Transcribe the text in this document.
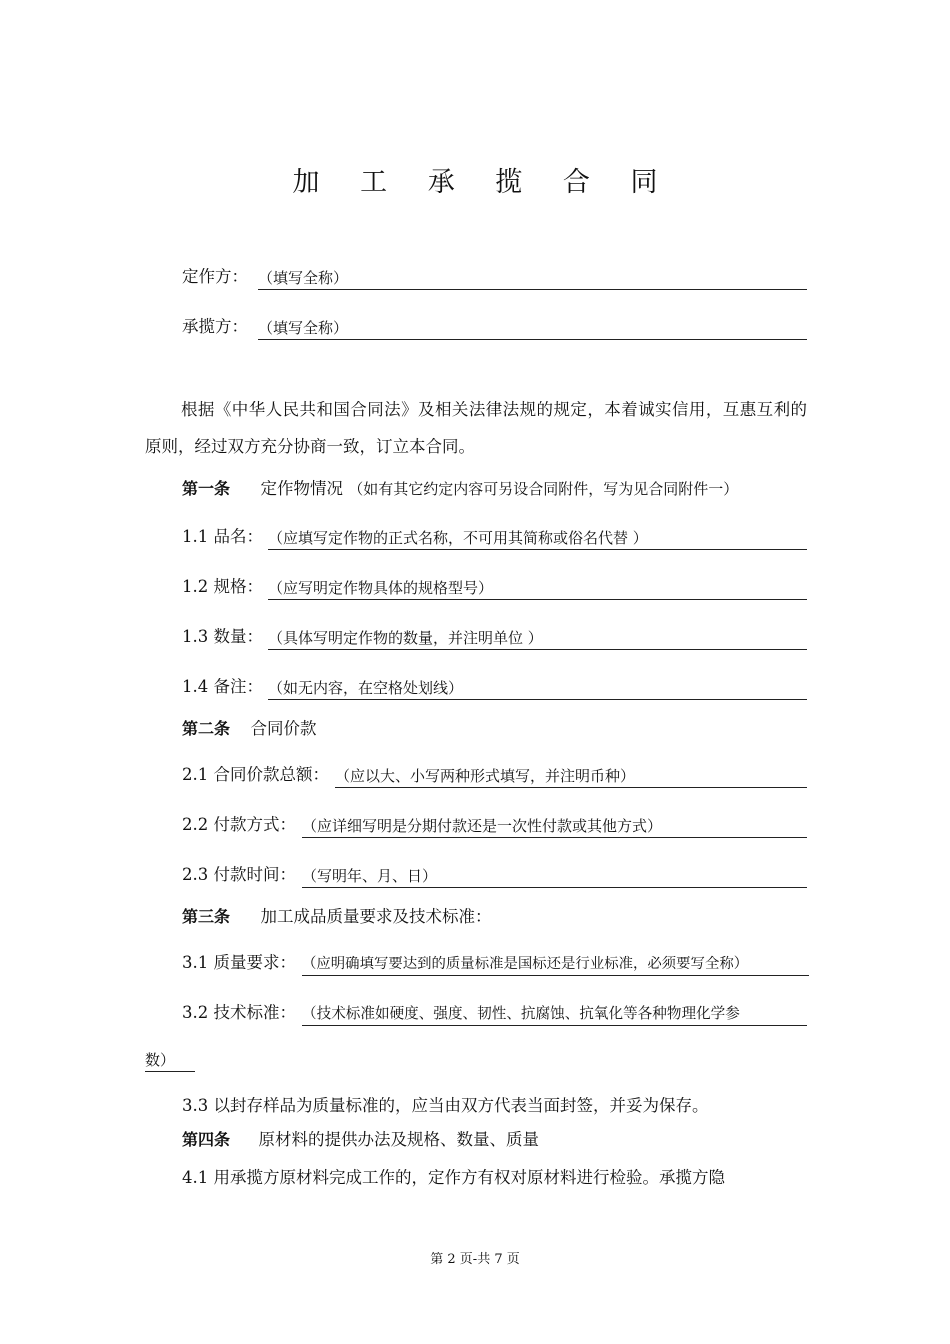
加 工 承 揽 合 同
定作方： （填写全称）
承揽方： （填写全称）
根据《中华人民共和国合同法》及相关法律法规的规定，本着诚实信用，互惠互利的原则，经过双方充分协商一致，订立本合同。
第一条 定作物情况 （如有其它约定内容可另设合同附件，写为见合同附件一）
1.1 品名： （应填写定作物的正式名称，不可用其简称或俗名代替 ）
1.2 规格： （应写明定作物具体的规格型号）
1.3 数量： （具体写明定作物的数量，并注明单位 ）
1.4 备注： （如无内容，在空格处划线）
第二条 合同价款
2.1 合同价款总额： （应以大、小写两种形式填写，并注明币种）
2.2 付款方式： （应详细写明是分期付款还是一次性付款或其他方式）
2.3 付款时间： （写明年、月、日）
第三条 加工成品质量要求及技术标准：
3.1 质量要求： （应明确填写要达到的质量标准是国标还是行业标准，必须要写全称）
3.2 技术标准： （技术标准如硬度、强度、韧性、抗腐蚀、抗氧化等各种物理化学参
数）
3.3 以封存样品为质量标准的，应当由双方代表当面封签，并妥为保存。
第四条 原材料的提供办法及规格、数量、质量
4.1 用承揽方原材料完成工作的，定作方有权对原材料进行检验。承揽方隐
第 2 页-共 7 页
